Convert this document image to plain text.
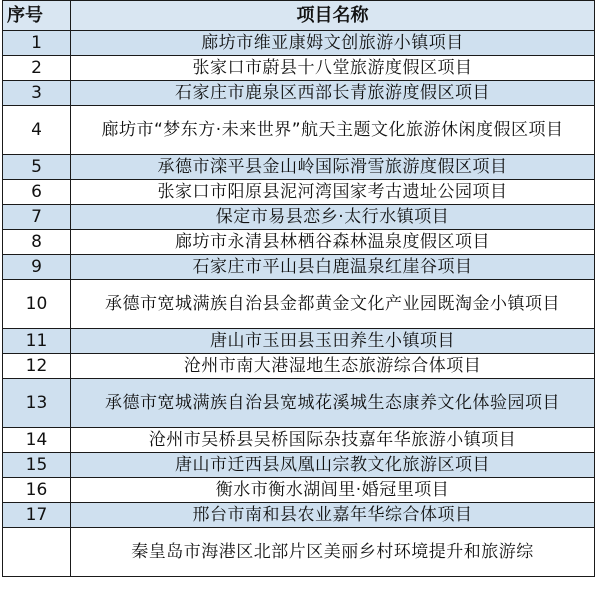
序号	项目名称
1	廊坊市维亚康姆文创旅游小镇项目
2	张家口市蔚县十八堂旅游度假区项目
3	石家庄市鹿泉区西部长青旅游度假区项目
4	廊坊市“梦东方·未来世界”航天主题文化旅游休闲度假区项目
5	承德市滦平县金山岭国际滑雪旅游度假区项目
6	张家口市阳原县泥河湾国家考古遗址公园项目
7	保定市易县恋乡·太行水镇项目
8	廊坊市永清县林栖谷森林温泉度假区项目
9	石家庄市平山县白鹿温泉红崖谷项目
10	承德市宽城满族自治县金都黄金文化产业园既淘金小镇项目
11	唐山市玉田县玉田养生小镇项目
12	沧州市南大港湿地生态旅游综合体项目
13	承德市宽城满族自治县宽城花溪城生态康养文化体验园项目
14	沧州市吴桥县吴桥国际杂技嘉年华旅游小镇项目
15	唐山市迁西县凤凰山宗教文化旅游区项目
16	衡水市衡水湖闾里·婚冠里项目
17	邢台市南和县农业嘉年华综合体项目
	秦皇岛市海港区北部片区美丽乡村环境提升和旅游综
